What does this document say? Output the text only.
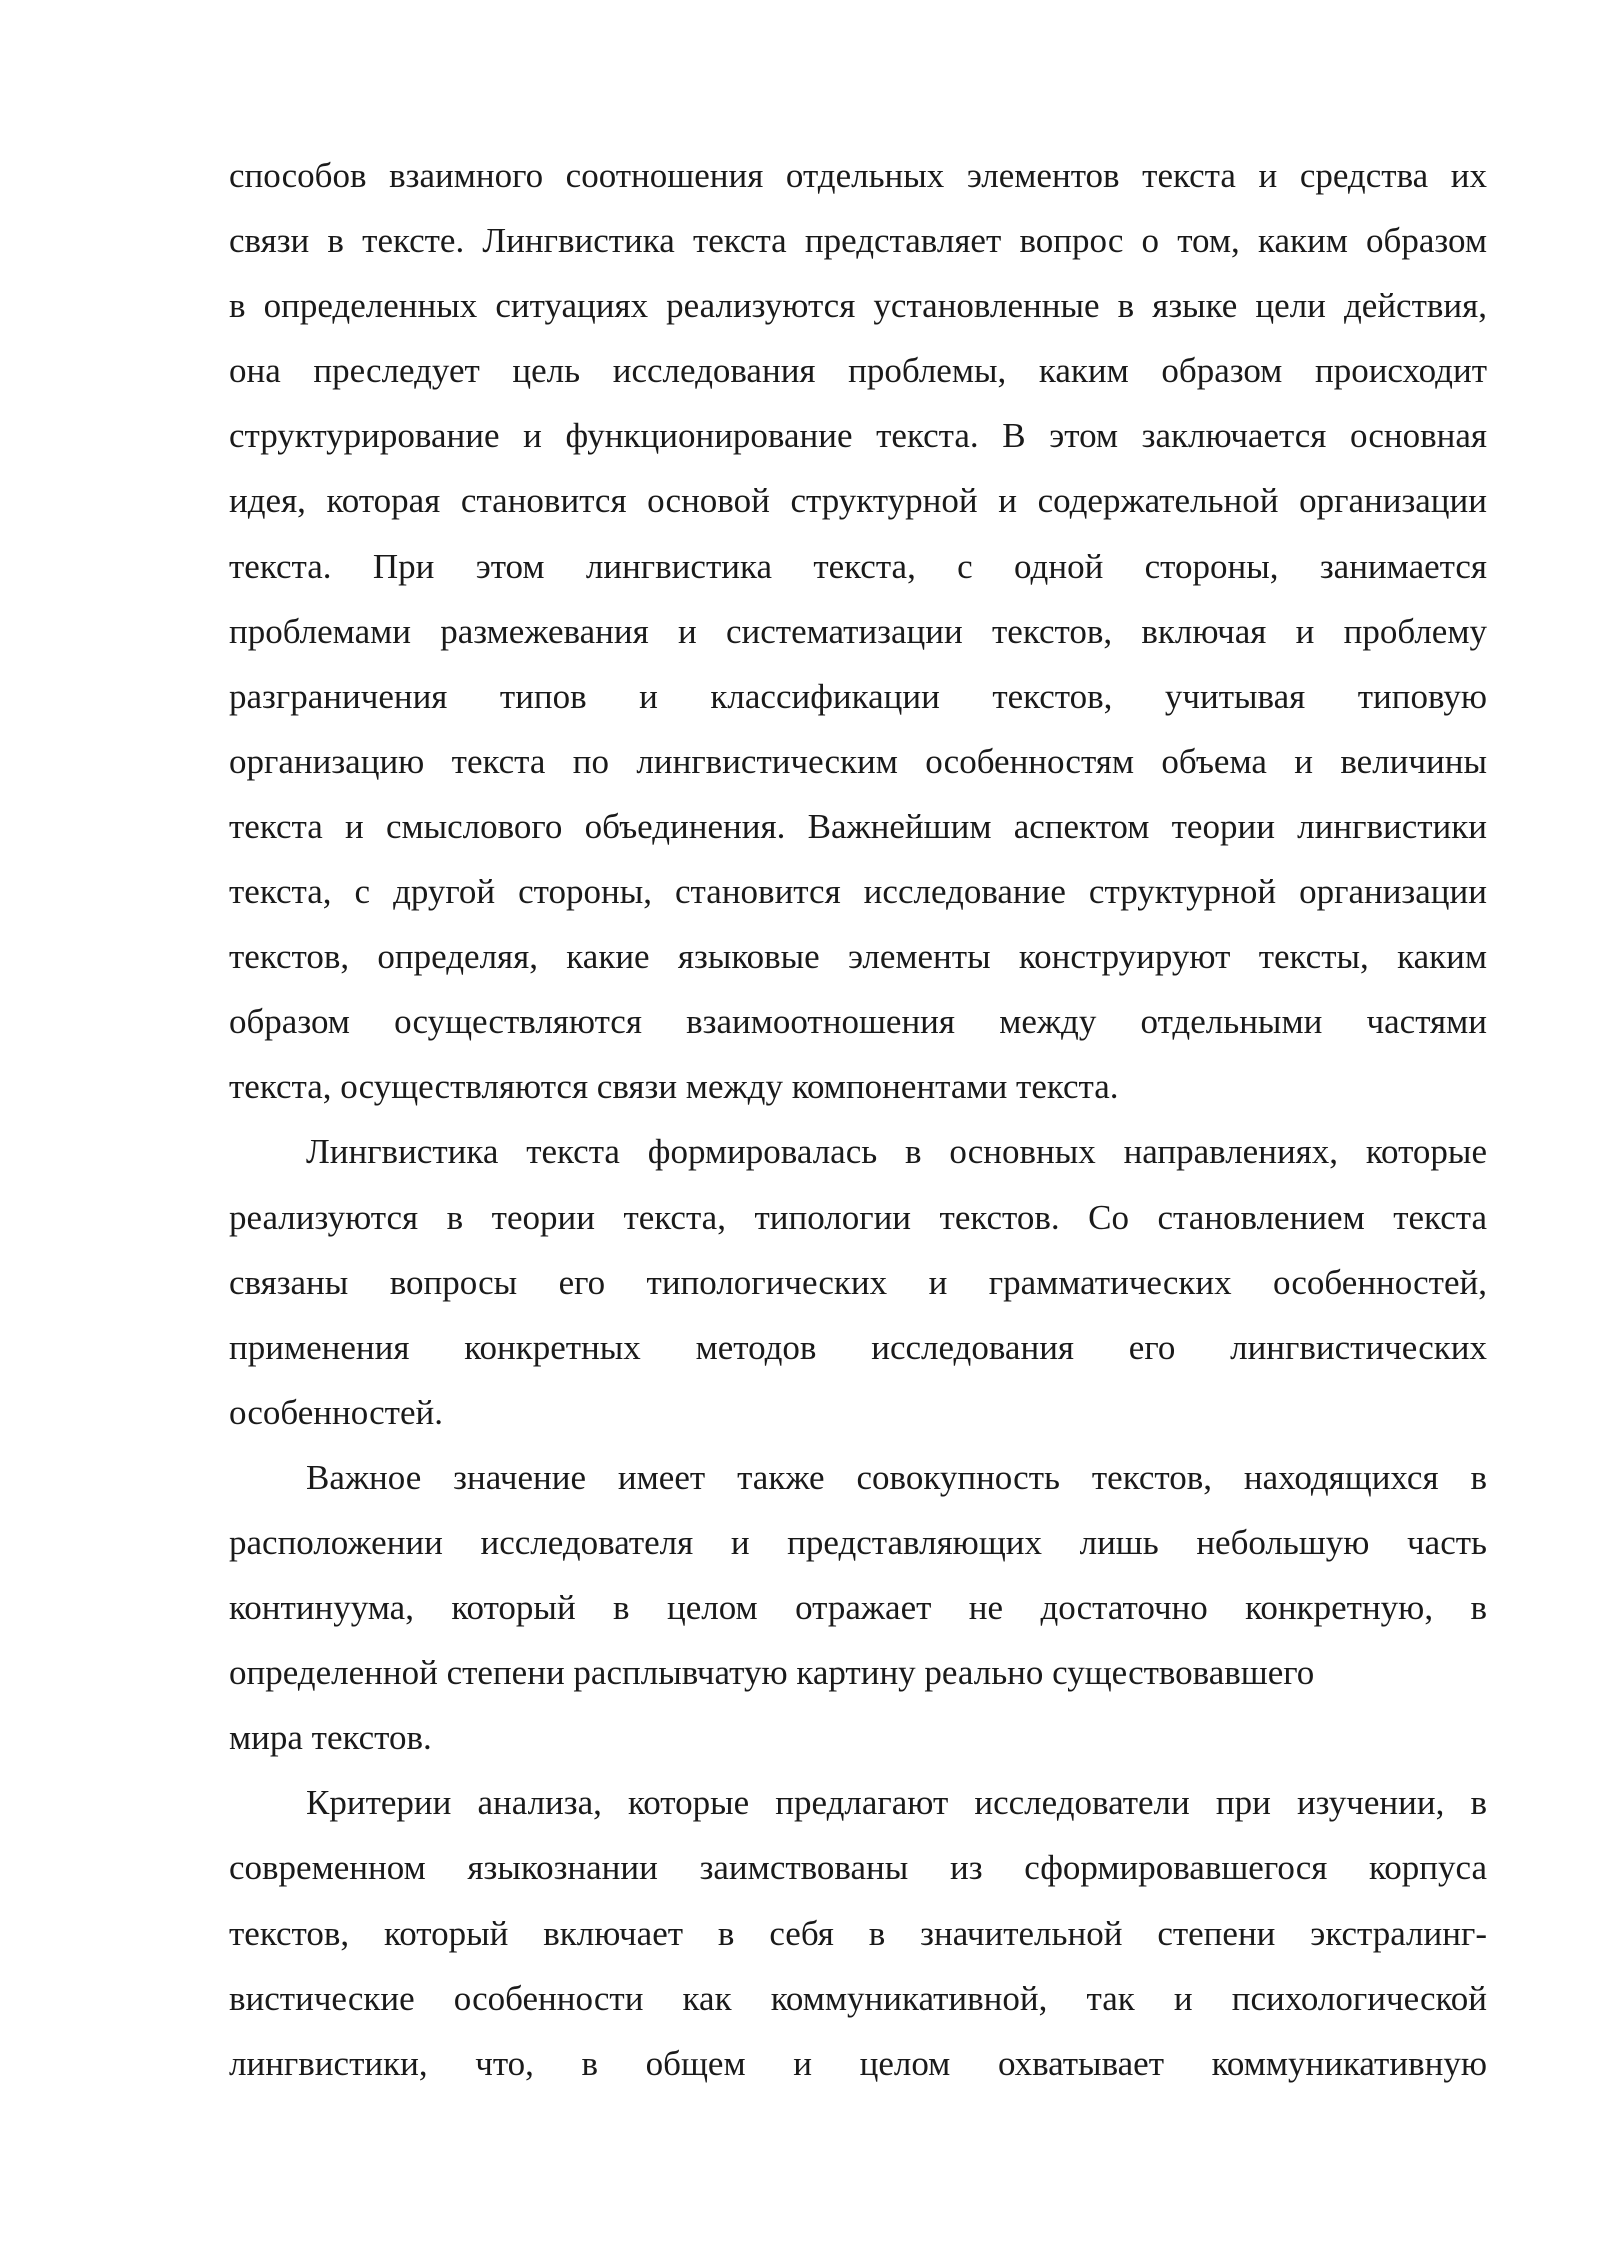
способов взаимного соотношения отдельных элементов текста и средства их
связи в тексте. Лингвистика текста представляет вопрос о том, каким образом
в определенных ситуациях реализуются установленные в языке цели действия,
она преследует цель исследования проблемы, каким образом происходит
структурирование и функционирование текста. В этом заключается основная
идея, которая становится основой структурной и содержательной организации
текста. При этом лингвистика текста, с одной стороны, занимается
проблемами размежевания и систематизации текстов, включая и проблему
разграничения типов и классификации текстов, учитывая типовую
организацию текста по лингвистическим особенностям объема и величины
текста и смыслового объединения. Важнейшим аспектом теории лингвистики
текста, с другой стороны, становится исследование структурной организации
текстов, определяя, какие языковые элементы конструируют тексты, каким
образом осуществляются взаимоотношения между отдельными частями
текста, осуществляются связи между компонентами текста.
Лингвистика текста формировалась в основных направлениях, которые
реализуются в теории текста, типологии текстов. Со становлением текста
связаны вопросы его типологических и грамматических особенностей,
применения конкретных методов исследования его лингвистических
особенностей.
Важное значение имеет также совокупность текстов, находящихся в
расположении исследователя и представляющих лишь небольшую часть
континуума, который в целом отражает не достаточно конкретную, в
определенной степени расплывчатую картину реально существовавшего
мира текстов.
Критерии анализа, которые предлагают исследователи при изучении, в
современном языкознании заимствованы из сформировавшегося корпуса
текстов, который включает в себя в значительной степени экстралинг-
вистические особенности как коммуникативной, так и психологической
лингвистики, что, в общем и целом охватывает коммуникативную
